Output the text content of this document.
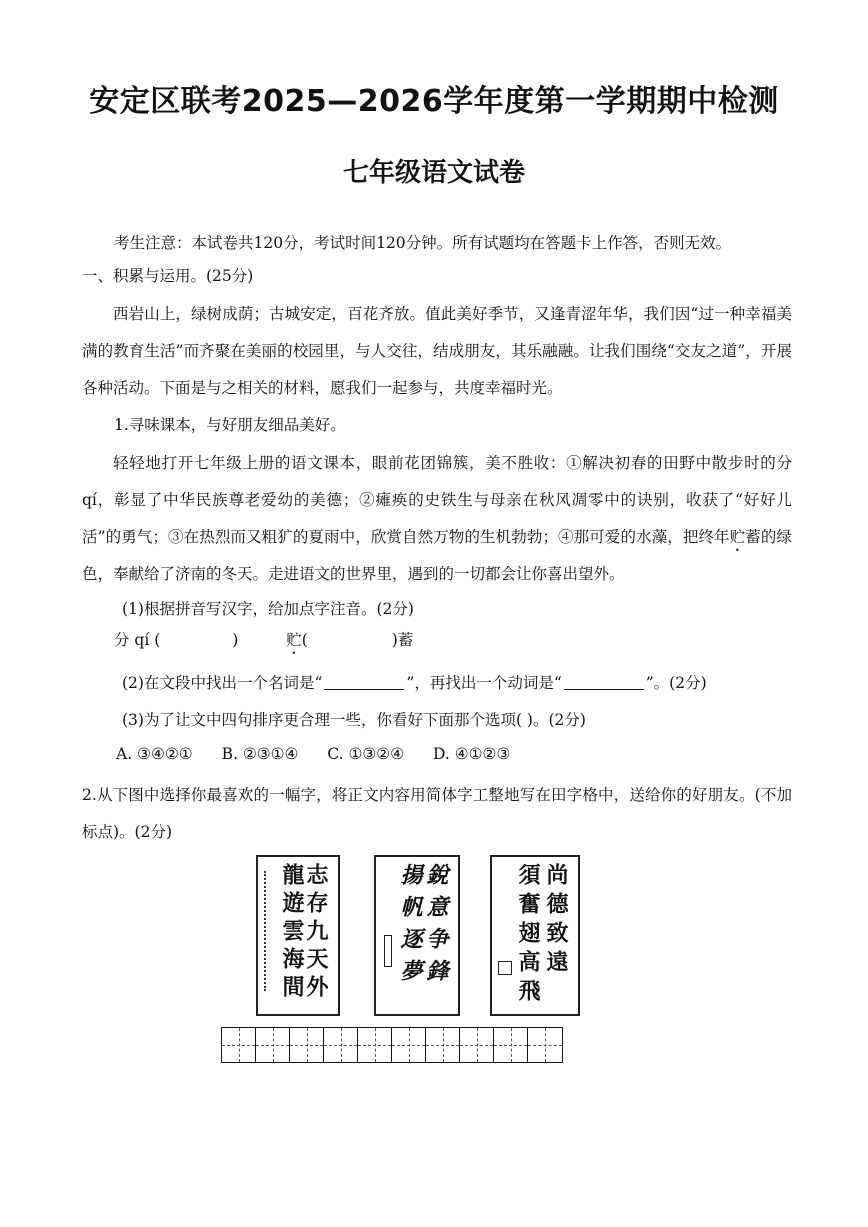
安定区联考2025—2026学年度第一学期期中检测
七年级语文试卷

考生注意：本试卷共120分，考试时间120分钟。所有试题均在答题卡上作答，否则无效。

一、积累与运用。(25分)

西岩山上，绿树成荫；古城安定，百花齐放。值此美好季节，又逢青涩年华，我们因“过一种幸福美满的教育生活”而齐聚在美丽的校园里，与人交往，结成朋友，其乐融融。让我们围绕“交友之道”，开展各种活动。下面是与之相关的材料，愿我们一起参与，共度幸福时光。

1.寻味课本，与好朋友细品美好。

轻轻地打开七年级上册的语文课本，眼前花团锦簇，美不胜收：①解决初春的田野中散步时的分 qí，彰显了中华民族尊老爱幼的美德；②瘫痪的史铁生与母亲在秋风凋零中的诀别，收获了“好好儿活”的勇气；③在热烈而又粗犷的夏雨中，欣赏自然万物的生机勃勃；④那可爱的水藻，把终年贮蓄的绿色，奉献给了济南的冬天。走进语文的世界里，遇到的一切都会让你喜出望外。

(1)根据拼音写汉字，给加点字注音。(2分)

分 qí (	)	贮(	)蓄

(2)在文段中找出一个名词是“	”，再找出一个动词是“	”。(2分)

(3)为了让文中四句排序更合理一些，你看好下面那个选项( )。(2分)

A. ③④②① B. ②③①④ C. ①③②④ D. ④①②③

2.从下图中选择你最喜欢的一幅字，将正文内容用简体字工整地写在田字格中，送给你的好朋友。(不加标点)。(2分)

志存九天外
龍遊雲海間	銳意争鋒
揚帆逐夢	尚德致遠
須奮翅高飛
